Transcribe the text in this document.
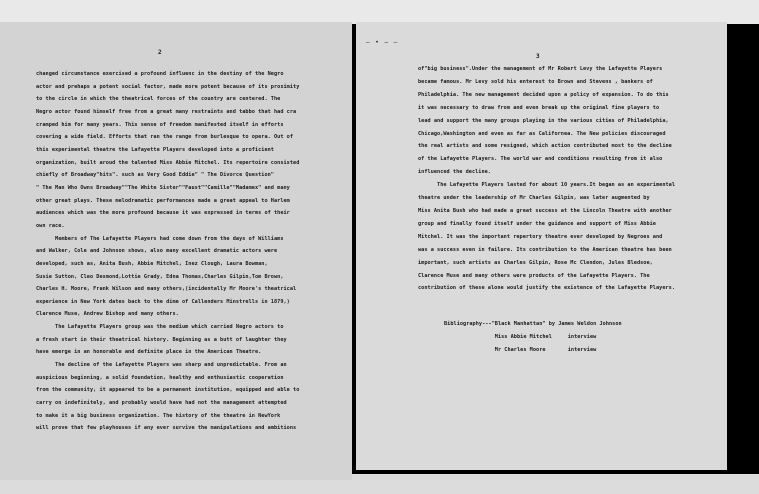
2
changed circumstance exercised a profound influenc in the destiny of the Negro
actor and prehaps a potent social factor, made more potent because of its proximity
to the circle in which the theatrical forces of the country are centered. The
Negro actor found himself free from a great many restraints and tabbo that had cra
cramped him for many years. This sense of freedom manifested itself in efforts
covering a wide field. Efforts that ran the range from burlesque to opera. Out of
this experimental theatre the Lafayette Players developed into a proficient
organization, built aroud the talented Miss Abbie Mitchel. Its repertoire consisted
chiefly of Broadway"hits". such as Very Good Eddie" " The Divorce Question"
" The Man Who Owns Broadway""The White Sister""Faust""Camille""Madamex" and many
other great plays. These melodramatic performances made a great appeal to Harlem
audiences which was the more profound because it was expressed in terms of their
own race.
Members of The Lafayette Players had come down from the days of Williams
and Walker, Cole and Johnson shows, also many excellent dramatic actors were
developed, such as, Anita Bush, Abbie Mitchel, Inez Clough, Laura Bowman,
Susie Sutton, Cleo Desmond,Lottie Grady, Edna Thomas,Charles Gilpin,Tom Brown,
Charles H. Moore, Frank Wilson and many others,(incidentally Mr Moore's theatrical
experience in New York dates back to the dime of Callenders Minstrells in 1879,)
Clarence Muse, Andrew Bishop and many others.
The Lafayette Players group was the medium which carried Negro actors to
a fresh start in their theatrical history. Beginning as a butt of laughter they
have emerge in an honorable and definite place in the American Theatre.
The decline of the Lafayette Players was sharp and unpredictable. From an
auspicious beginning, a solid foundation, healthy and enthusiastic cooperation
from the community, it appeared to be a permanent institution, equipped and able to
carry on indefinitely, and probably would have had not the management attempted
to make it a big business organization. The history of the theatre in NewYork
will prove that few playhouses if any ever survive the manipulations and ambitions
– • – –
3
of"big business".Under the management of Mr Robert Levy the Lafayette Players
became famous. Mr Levy sold his enterest to Brown and Stevens , bankers of
Philadelphia. The new management decided upon a policy of expansion. To do this
it was necessary to draw from and even break up the original fine players to
lead and support the many groups playing in the various cities of Philadelphia,
Chicago,Washington and even as far as Californea. The New policies discouraged
the real artists and some resigned, which action contributed most to the decline
of the Lafayette Players. The world war and conditions resulting from it also
influenced the decline.
The Lafayette Players lasted for about 10 years.It began as an experimental
theatre under the leadership of Mr Charles Gilpin, was later augmented by
Miss Anita Bush who had made a great success at the Lincoln Theatre with another
group and finally found itself under the guidance and support of Miss Abbie
Mitchel. It was the important repertory theatre ever developed by Negroes and
was a success even in failure. Its contribution to the American theatre has been
important, such artists as Charles Gilpin, Rose Mc Clendon, Jules Bledsoe,
Clarence Muse and many others were products of the Lafayette Players. The
contribution of these alone would justify the existence of the Lafayette Players.
Bibliography---"Black Manhattan" by James Weldon Johnson
Miss Abbie Mitchel     interview
Mr Charles Moore       interview
